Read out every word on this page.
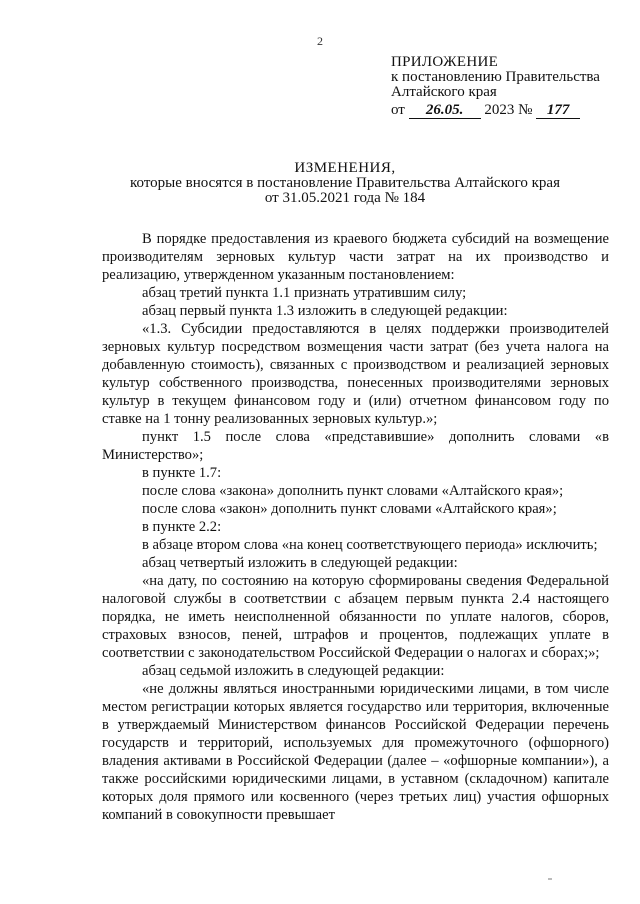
2
ПРИЛОЖЕНИЕ
к постановлению Правительства
Алтайского края
от 26.05. 2023 № 177
ИЗМЕНЕНИЯ,
которые вносятся в постановление Правительства Алтайского края
от 31.05.2021 года № 184

В порядке предоставления из краевого бюджета субсидий на возмещение производителям зерновых культур части затрат на их производство и реализацию, утвержденном указанным постановлением:

абзац третий пункта 1.1 признать утратившим силу;

абзац первый пункта 1.3 изложить в следующей редакции:

«1.3. Субсидии предоставляются в целях поддержки производителей зерновых культур посредством возмещения части затрат (без учета налога на добавленную стоимость), связанных с производством и реализацией зерновых культур собственного производства, понесенных производителями зерновых культур в текущем финансовом году и (или) отчетном финансовом году по ставке на 1 тонну реализованных зерновых культур.»;

пункт 1.5 после слова «представившие» дополнить словами «в Министерство»;

в пункте 1.7:

после слова «закона» дополнить пункт словами «Алтайского края»;

после слова «закон» дополнить пункт словами «Алтайского края»;

в пункте 2.2:

в абзаце втором слова «на конец соответствующего периода» исключить;

абзац четвертый изложить в следующей редакции:

«на дату, по состоянию на которую сформированы сведения Федеральной налоговой службы в соответствии с абзацем первым пункта 2.4 настоящего порядка, не иметь неисполненной обязанности по уплате налогов, сборов, страховых взносов, пеней, штрафов и процентов, подлежащих уплате в соответствии с законодательством Российской Федерации о налогах и сборах;»;

абзац седьмой изложить в следующей редакции:

«не должны являться иностранными юридическими лицами, в том числе местом регистрации которых является государство или территория, включенные в утверждаемый Министерством финансов Российской Федерации перечень государств и территорий, используемых для промежуточного (офшорного) владения активами в Российской Федерации (далее – «офшорные компании»), а также российскими юридическими лицами, в уставном (складочном) капитале которых доля прямого или косвенного (через третьих лиц) участия офшорных компаний в совокупности превышает
